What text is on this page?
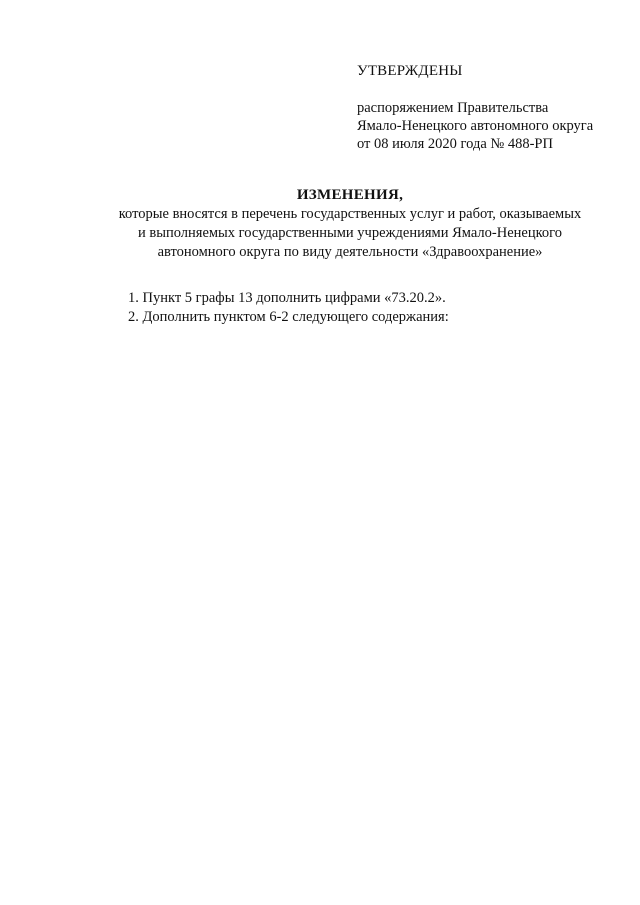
УТВЕРЖДЕНЫ
распоряжением Правительства
Ямало-Ненецкого автономного округа
от 08 июля 2020 года № 488-РП
ИЗМЕНЕНИЯ,
которые вносятся в перечень государственных услуг и работ, оказываемых
и выполняемых государственными учреждениями Ямало-Ненецкого
автономного округа по виду деятельности «Здравоохранение»
1. Пункт 5 графы 13 дополнить цифрами «73.20.2».
2. Дополнить пунктом 6-2 следующего содержания:
